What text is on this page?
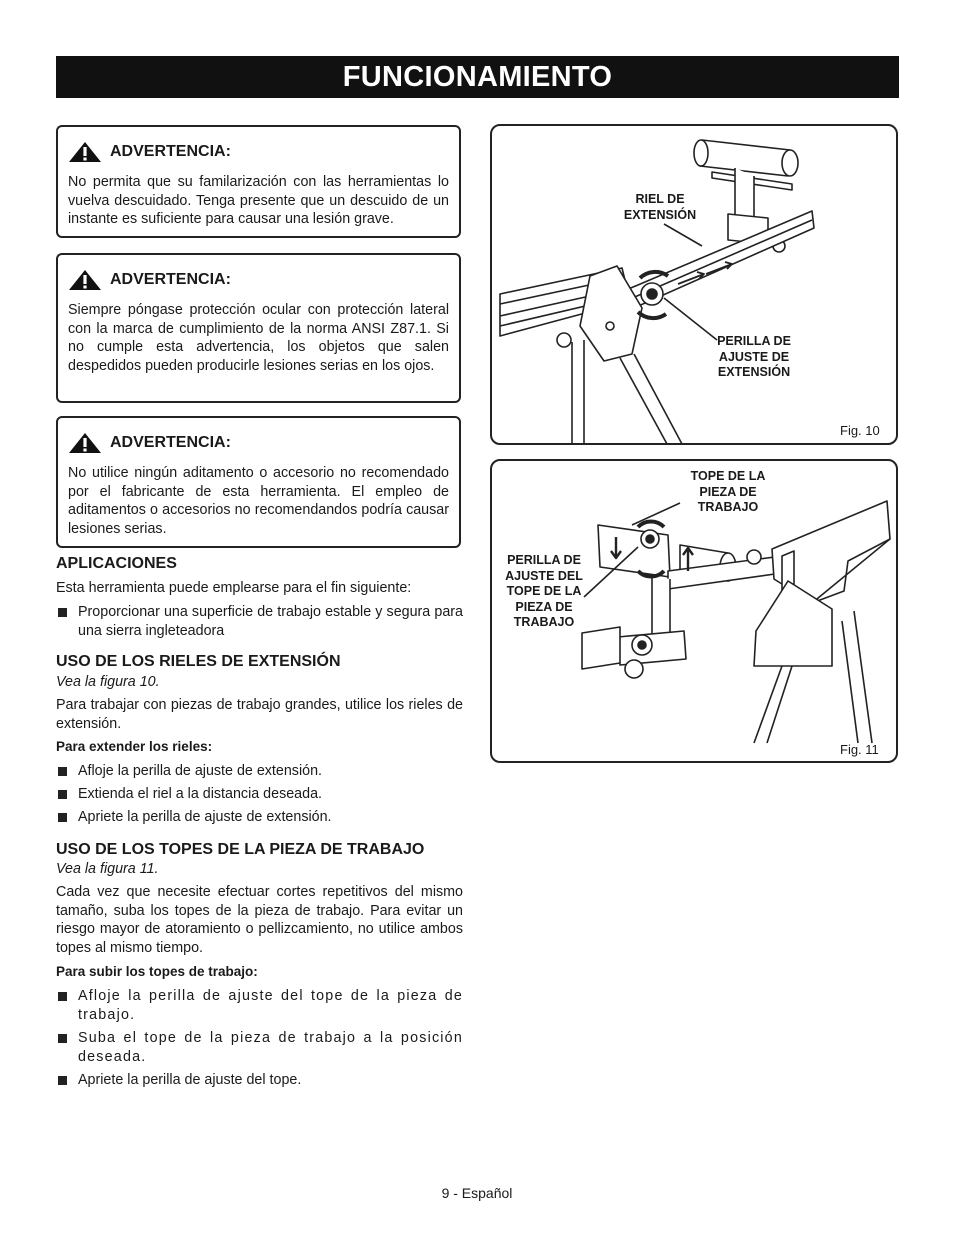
FUNCIONAMIENTO
ADVERTENCIA:
No permita que su familarización con las herramientas lo vuelva descuidado. Tenga presente que un descuido de un instante es suficiente para causar una lesión grave.
ADVERTENCIA:
Siempre póngase protección ocular con protección lateral con la marca de cumplimiento de la norma ANSI Z87.1. Si no cumple esta advertencia, los objetos que salen despedidos pueden producirle lesiones serias en los ojos.
ADVERTENCIA:
No utilice ningún aditamento o accesorio no recomendado por el fabricante de esta herramienta. El empleo de aditamentos o accesorios no recomendandos podría causar lesiones serias.
APLICACIONES
Esta herramienta puede emplearse para el fin siguiente:
Proporcionar una superficie de trabajo estable y segura para una sierra ingleteadora
USO DE LOS RIELES DE EXTENSIÓN
Vea la figura 10.
Para trabajar con piezas de trabajo grandes, utilice los rieles de extensión.
Para extender los rieles:
Afloje la perilla de ajuste de extensión.
Extienda el riel a la distancia deseada.
Apriete la perilla de ajuste de extensión.
USO DE LOS TOPES DE LA PIEZA DE TRABAJO
Vea la figura 11.
Cada vez que necesite efectuar cortes repetitivos del mismo tamaño, suba los topes de la pieza de trabajo. Para evitar un riesgo mayor de atoramiento o pellizcamiento, no utilice ambos topes al mismo tiempo.
Para subir los topes de trabajo:
Afloje la perilla de ajuste del tope de la pieza de trabajo.
Suba el tope de la pieza de trabajo a la posición deseada.
Apriete la perilla de ajuste del tope.
RIEL DE
EXTENSIÓN
PERILLA DE
AJUSTE DE
EXTENSIÓN
Fig. 10
TOPE DE LA
PIEZA DE
TRABAJO
PERILLA DE
AJUSTE DEL
TOPE DE LA
PIEZA DE
TRABAJO
Fig. 11
9 - Español
